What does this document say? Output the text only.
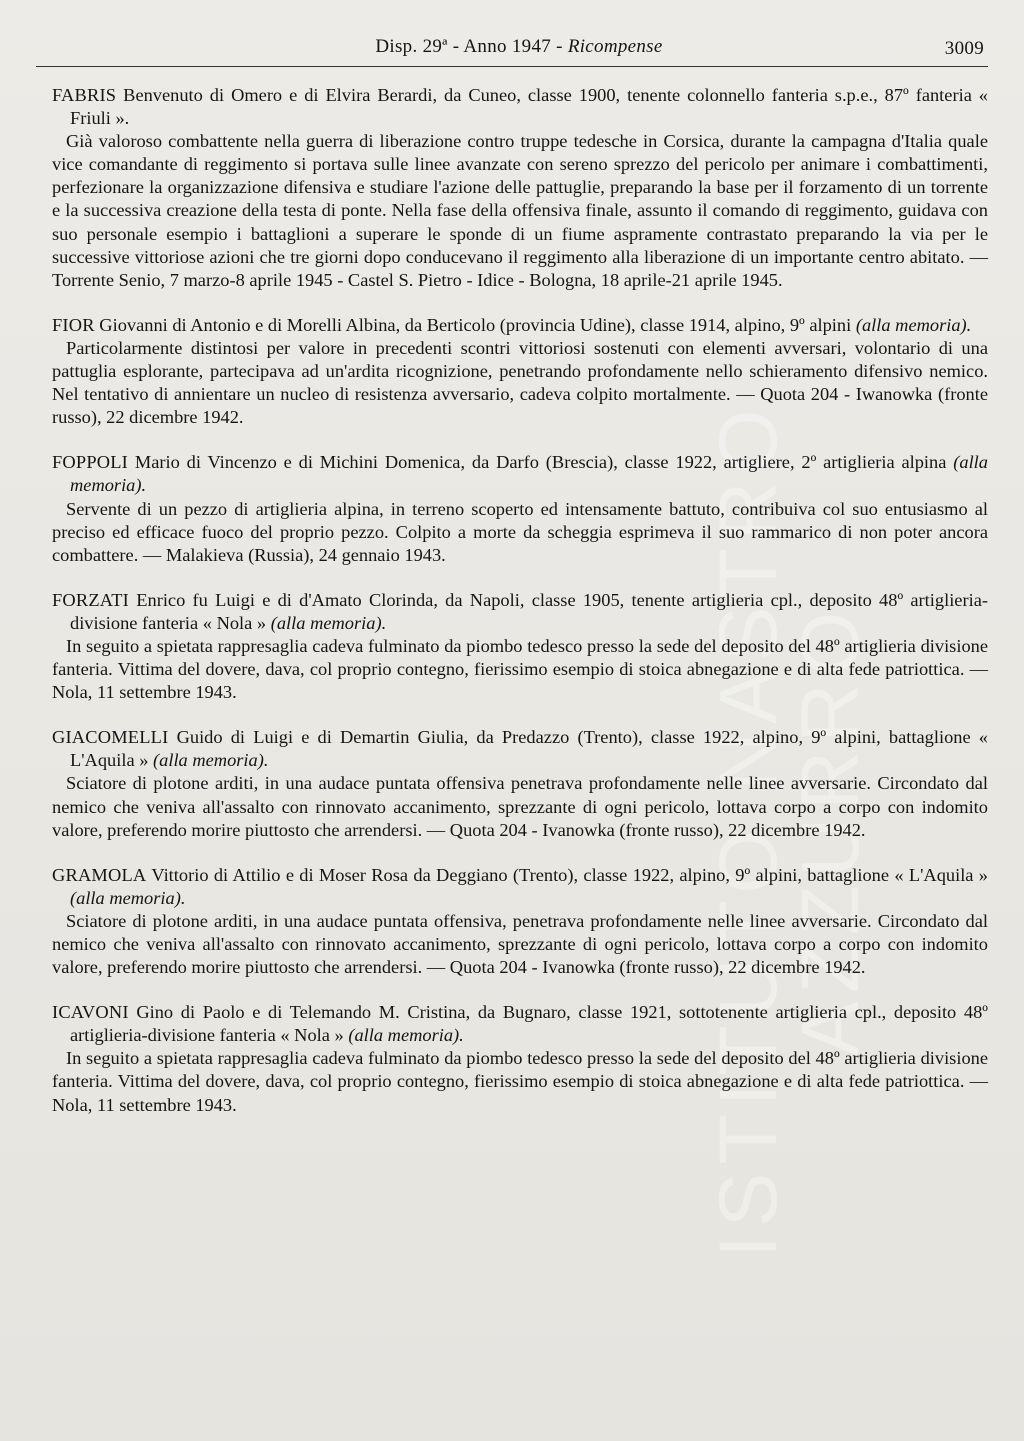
Disp. 29ª - Anno 1947 - Ricompense	3009
ISTITUTO NASTRO AZZURRO

FABRIS Benvenuto di Omero e di Elvira Berardi, da Cuneo, classe 1900, tenente colonnello fanteria s.p.e., 87º fanteria « Friuli ».

Già valoroso combattente nella guerra di liberazione contro truppe tedesche in Corsica, durante la campagna d'Italia quale vice comandante di reggimento si portava sulle linee avanzate con sereno sprezzo del pericolo per animare i combattimenti, perfezionare la organizzazione difensiva e studiare l'azione delle pattuglie, preparando la base per il forzamento di un torrente e la successiva creazione della testa di ponte. Nella fase della offensiva finale, assunto il comando di reggimento, guidava con suo personale esempio i battaglioni a superare le sponde di un fiume aspramente contrastato preparando la via per le successive vittoriose azioni che tre giorni dopo conducevano il reggimento alla liberazione di un importante centro abitato. — Torrente Senio, 7 marzo-8 aprile 1945 - Castel S. Pietro - Idice - Bologna, 18 aprile-21 aprile 1945.

FIOR Giovanni di Antonio e di Morelli Albina, da Berticolo (provincia Udine), classe 1914, alpino, 9º alpini (alla memoria).

Particolarmente distintosi per valore in precedenti scontri vittoriosi sostenuti con elementi avversari, volontario di una pattuglia esplorante, partecipava ad un'ardita ricognizione, penetrando profondamente nello schieramento difensivo nemico. Nel tentativo di annientare un nucleo di resistenza avversario, cadeva colpito mortalmente. — Quota 204 - Iwanowka (fronte russo), 22 dicembre 1942.

FOPPOLI Mario di Vincenzo e di Michini Domenica, da Darfo (Brescia), classe 1922, artigliere, 2º artiglieria alpina (alla memoria).

Servente di un pezzo di artiglieria alpina, in terreno scoperto ed intensamente battuto, contribuiva col suo entusiasmo al preciso ed efficace fuoco del proprio pezzo. Colpito a morte da scheggia esprimeva il suo rammarico di non poter ancora combattere. — Malakieva (Russia), 24 gennaio 1943.

FORZATI Enrico fu Luigi e di d'Amato Clorinda, da Napoli, classe 1905, tenente artiglieria cpl., deposito 48º artiglieria-divisione fanteria « Nola » (alla memoria).

In seguito a spietata rappresaglia cadeva fulminato da piombo tedesco presso la sede del deposito del 48º artiglieria divisione fanteria. Vittima del dovere, dava, col proprio contegno, fierissimo esempio di stoica abnegazione e di alta fede patriottica. — Nola, 11 settembre 1943.

GIACOMELLI Guido di Luigi e di Demartin Giulia, da Predazzo (Trento), classe 1922, alpino, 9º alpini, battaglione « L'Aquila » (alla memoria).

Sciatore di plotone arditi, in una audace puntata offensiva penetrava profondamente nelle linee avversarie. Circondato dal nemico che veniva all'assalto con rinnovato accanimento, sprezzante di ogni pericolo, lottava corpo a corpo con indomito valore, preferendo morire piuttosto che arrendersi. — Quota 204 - Ivanowka (fronte russo), 22 dicembre 1942.

GRAMOLA Vittorio di Attilio e di Moser Rosa da Deggiano (Trento), classe 1922, alpino, 9º alpini, battaglione « L'Aquila » (alla memoria).

Sciatore di plotone arditi, in una audace puntata offensiva, penetrava profondamente nelle linee avversarie. Circondato dal nemico che veniva all'assalto con rinnovato accanimento, sprezzante di ogni pericolo, lottava corpo a corpo con indomito valore, preferendo morire piuttosto che arrendersi. — Quota 204 - Ivanowka (fronte russo), 22 dicembre 1942.

ICAVONI Gino di Paolo e di Telemando M. Cristina, da Bugnaro, classe 1921, sottotenente artiglieria cpl., deposito 48º artiglieria-divisione fanteria « Nola » (alla memoria).

In seguito a spietata rappresaglia cadeva fulminato da piombo tedesco presso la sede del deposito del 48º artiglieria divisione fanteria. Vittima del dovere, dava, col proprio contegno, fierissimo esempio di stoica abnegazione e di alta fede patriottica. — Nola, 11 settembre 1943.
